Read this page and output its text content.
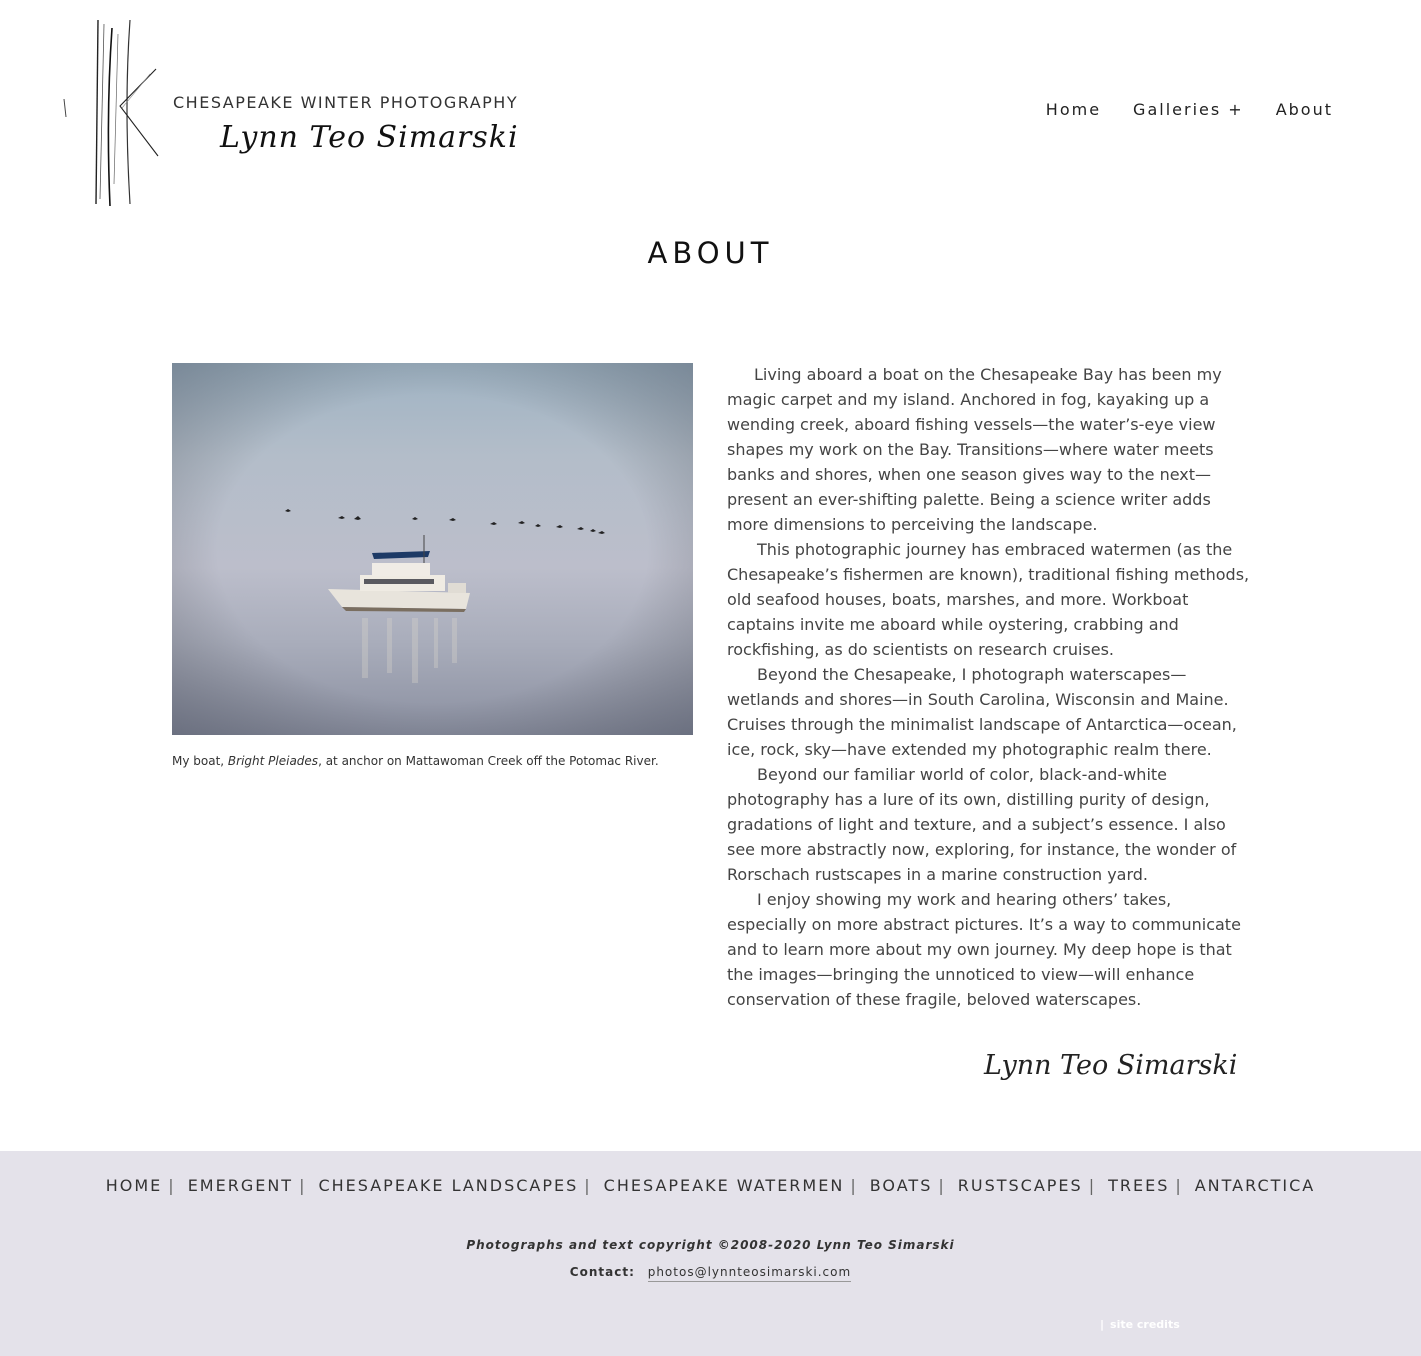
CHESAPEAKE WINTER PHOTOGRAPHY
Lynn Teo Simarski
Home Galleries + About
ABOUT
My boat, Bright Pleiades, at anchor on Mattawoman Creek off the Potomac River.

Living aboard a boat on the Chesapeake Bay has been my magic carpet and my island. Anchored in fog, kayaking up a wending creek, aboard fishing vessels—the water’s-eye view shapes my work on the Bay. Transitions—where water meets banks and shores, when one season gives way to the next—present an ever-shifting palette. Being a science writer adds more dimensions to perceiving the landscape.

This photographic journey has embraced watermen (as the Chesapeake’s fishermen are known), traditional fishing methods, old seafood houses, boats, marshes, and more. Workboat captains invite me aboard while oystering, crabbing and rockfishing, as do scientists on research cruises.

Beyond the Chesapeake, I photograph waterscapes—wetlands and shores—in South Carolina, Wisconsin and Maine. Cruises through the minimalist landscape of Antarctica—ocean, ice, rock, sky—have extended my photographic realm there.

Beyond our familiar world of color, black-and-white photography has a lure of its own, distilling purity of design, gradations of light and texture, and a subject’s essence. I also see more abstractly now, exploring, for instance, the wonder of Rorschach rustscapes in a marine construction yard.

I enjoy showing my work and hearing others’ takes, especially on more abstract pictures. It’s a way to communicate and to learn more about my own journey. My deep hope is that the images—bringing the unnoticed to view—will enhance conservation of these fragile, beloved waterscapes.

Lynn Teo Simarski
HOME | EMERGENT | CHESAPEAKE LANDSCAPES | CHESAPEAKE WATERMEN | BOATS | RUSTSCAPES | TREES | ANTARCTICA
Photographs and text copyright ©2008-2020 Lynn Teo Simarski
Contact: photos@lynnteosimarski.com
| site credits
